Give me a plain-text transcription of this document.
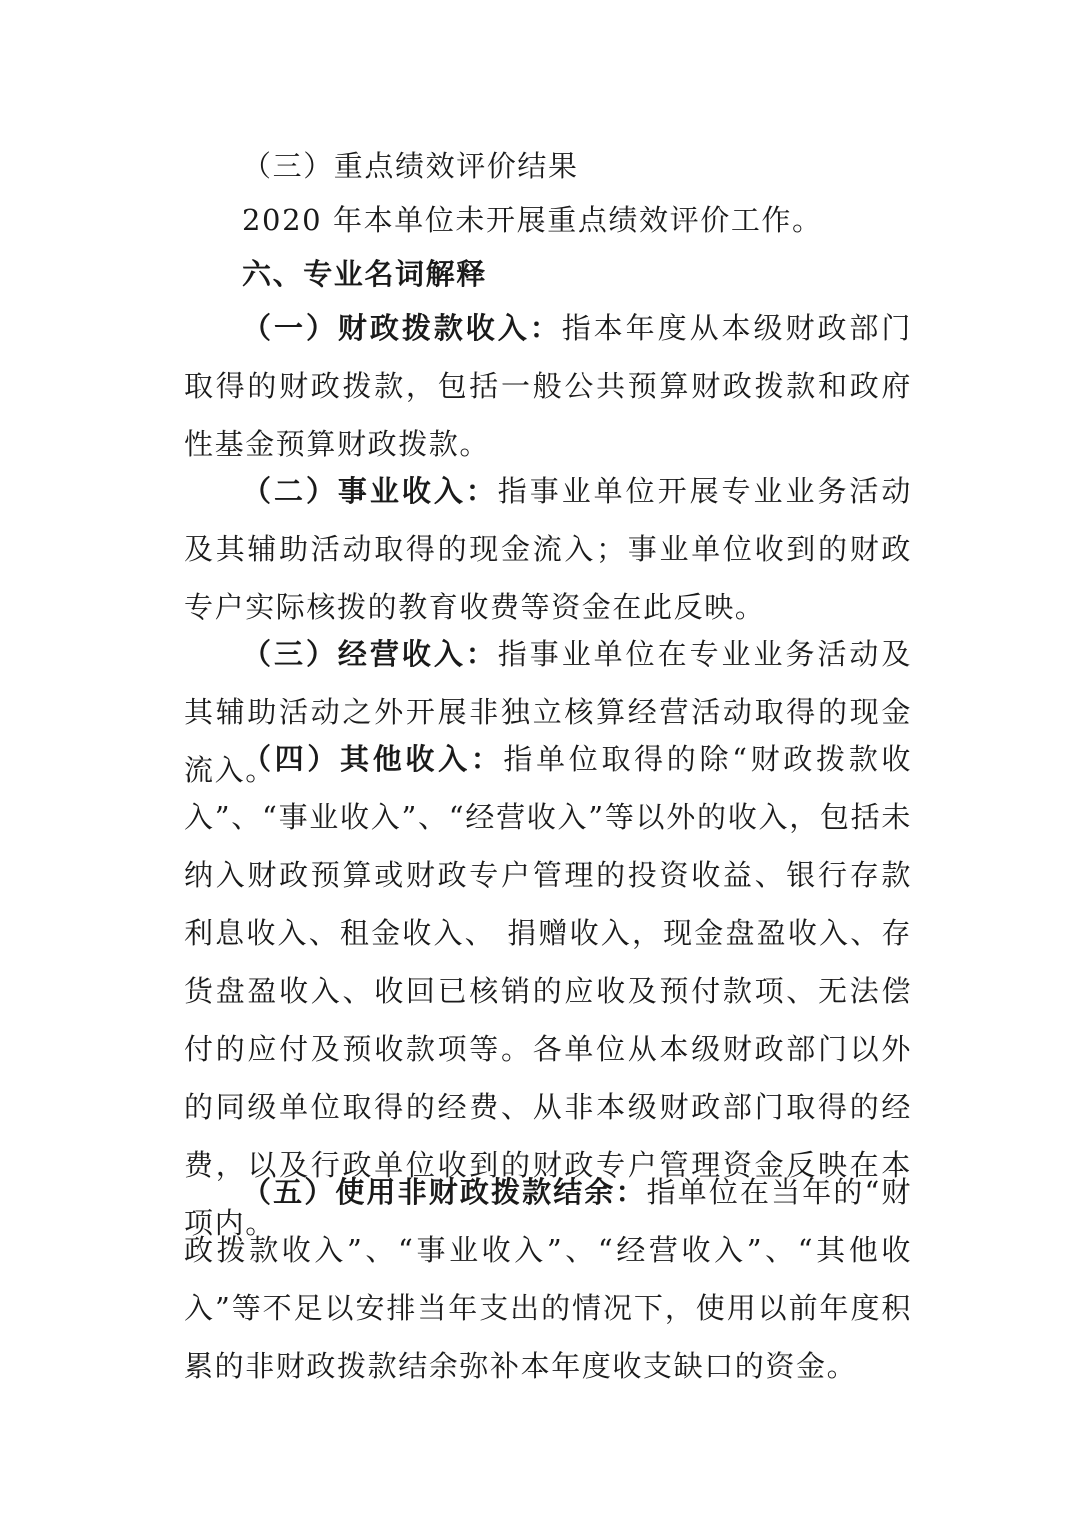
（三）重点绩效评价结果

2020 年本单位未开展重点绩效评价工作。

六、专业名词解释

（一）财政拨款收入：指本年度从本级财政部门取得的财政拨款，包括一般公共预算财政拨款和政府性基金预算财政拨款。

（二）事业收入：指事业单位开展专业业务活动及其辅助活动取得的现金流入；事业单位收到的财政专户实际核拨的教育收费等资金在此反映。

（三）经营收入：指事业单位在专业业务活动及其辅助活动之外开展非独立核算经营活动取得的现金流入。

（四）其他收入：指单位取得的除“财政拨款收入”、“事业收入”、“经营收入”等以外的收入，包括未纳入财政预算或财政专户管理的投资收益、银行存款利息收入、租金收入、 捐赠收入，现金盘盈收入、存货盘盈收入、收回已核销的应收及预付款项、无法偿付的应付及预收款项等。各单位从本级财政部门以外的同级单位取得的经费、从非本级财政部门取得的经费，以及行政单位收到的财政专户管理资金反映在本项内。

（五）使用非财政拨款结余：指单位在当年的“财政拨款收入”、“事业收入”、“经营收入”、“其他收入”等不足以安排当年支出的情况下，使用以前年度积累的非财政拨款结余弥补本年度收支缺口的资金。
